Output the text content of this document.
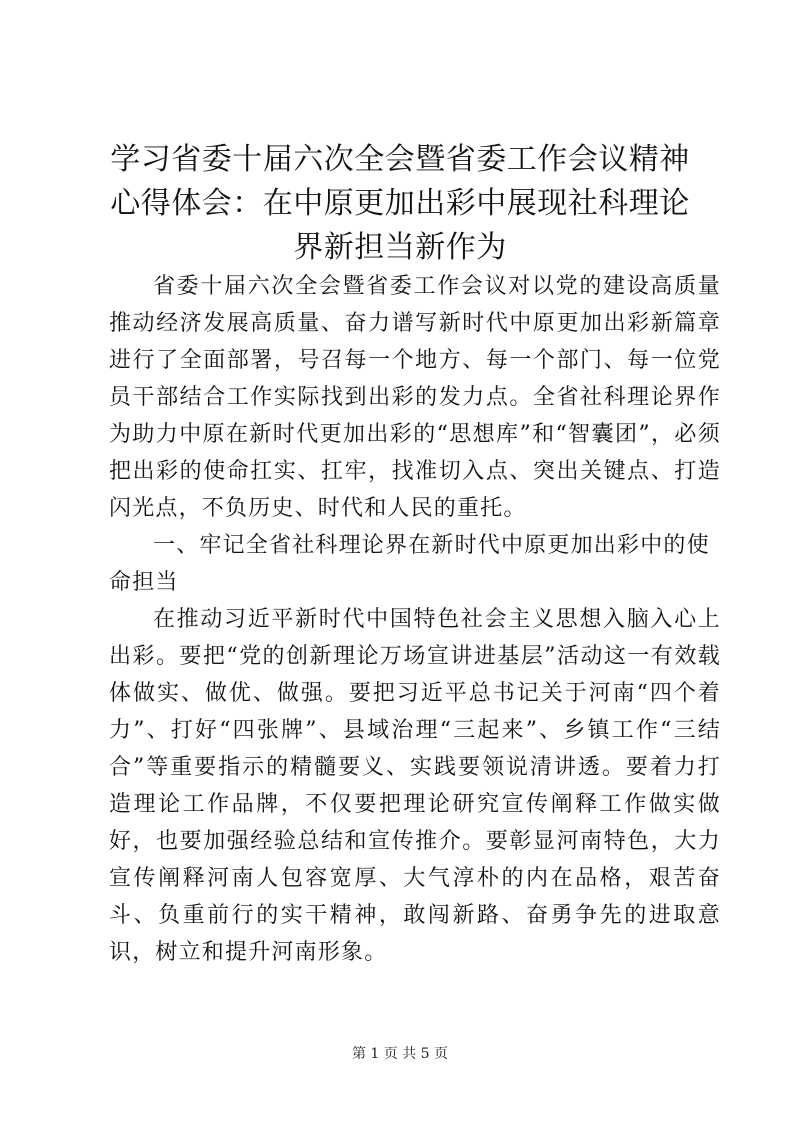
学习省委十届六次全会暨省委工作会议精神心得体会：在中原更加出彩中展现社科理论界新担当新作为

省委十届六次全会暨省委工作会议对以党的建设高质量推动经济发展高质量、奋力谱写新时代中原更加出彩新篇章进行了全面部署，号召每一个地方、每一个部门、每一位党员干部结合工作实际找到出彩的发力点。全省社科理论界作为助力中原在新时代更加出彩的“思想库”和“智囊团”，必须把出彩的使命扛实、扛牢，找准切入点、突出关键点、打造闪光点，不负历史、时代和人民的重托。

一、牢记全省社科理论界在新时代中原更加出彩中的使命担当

在推动习近平新时代中国特色社会主义思想入脑入心上出彩。要把“党的创新理论万场宣讲进基层”活动这一有效载体做实、做优、做强。要把习近平总书记关于河南“四个着力”、打好“四张牌”、县域治理“三起来”、乡镇工作“三结合”等重要指示的精髓要义、实践要领说清讲透。要着力打造理论工作品牌，不仅要把理论研究宣传阐释工作做实做好，也要加强经验总结和宣传推介。要彰显河南特色，大力宣传阐释河南人包容宽厚、大气淳朴的内在品格，艰苦奋斗、负重前行的实干精神，敢闯新路、奋勇争先的进取意识，树立和提升河南形象。

第 1 页 共 5 页
